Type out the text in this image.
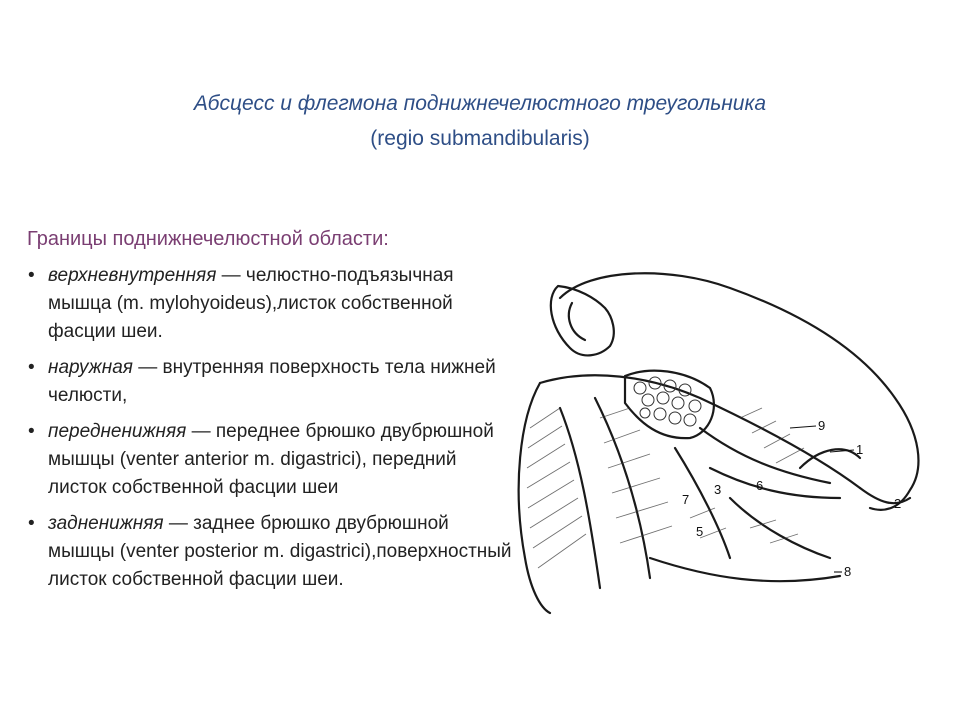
Абсцесс и флегмона поднижнечелюстного треугольника
(regio submandibularis)
Границы поднижнечелюстной области:
• верхневнутренняя — челюстно-подъязычная мышца (m. mylohyoideus),листок собственной фасции шеи.
• наружная — внутренняя поверхность тела нижней челюсти,
• передненижняя — переднее брюшко двубрюшной мышцы (venter anterior m. digastrici), передний листок собственной фасции шеи
• задненижняя — заднее брюшко двубрюшной мышцы (venter posterior m. digastrici),поверхностный листок собственной фасции шеи.
9
1
6
3
7	2
5
8
